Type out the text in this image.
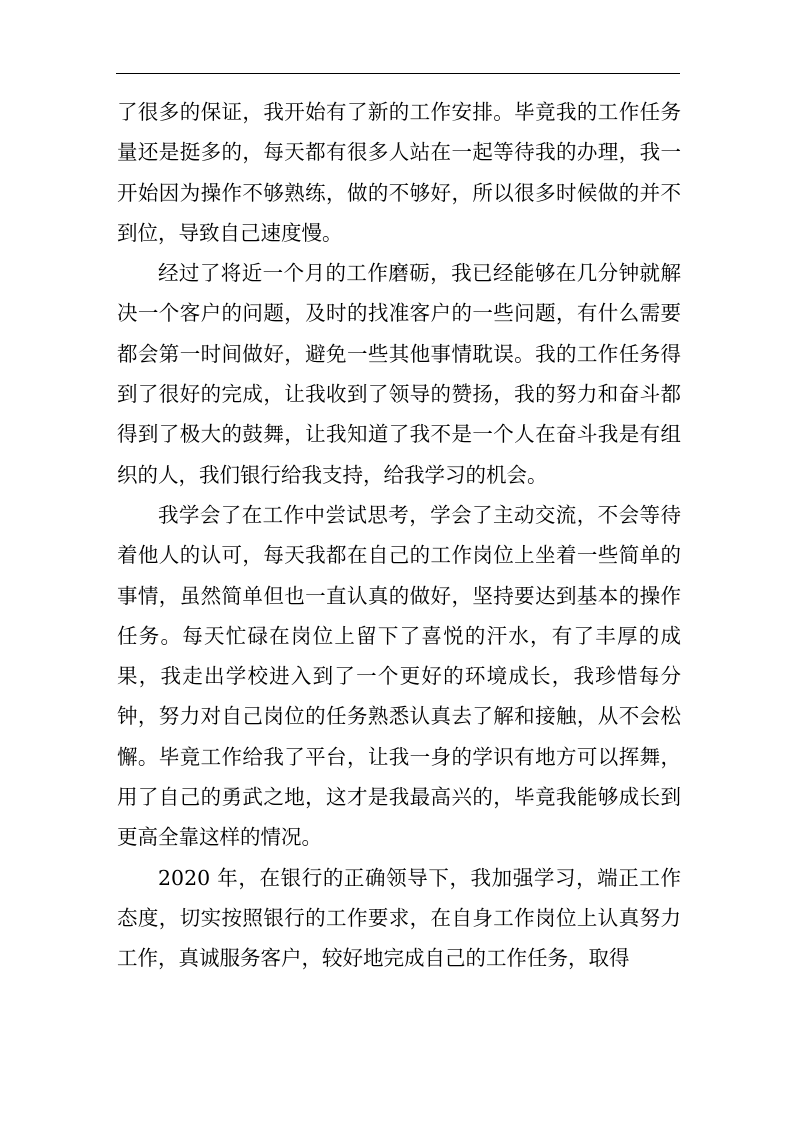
了很多的保证，我开始有了新的工作安排。毕竟我的工作任务量还是挺多的，每天都有很多人站在一起等待我的办理，我一开始因为操作不够熟练，做的不够好，所以很多时候做的并不到位，导致自己速度慢。

经过了将近一个月的工作磨砺，我已经能够在几分钟就解决一个客户的问题，及时的找准客户的一些问题，有什么需要都会第一时间做好，避免一些其他事情耽误。我的工作任务得到了很好的完成，让我收到了领导的赞扬，我的努力和奋斗都得到了极大的鼓舞，让我知道了我不是一个人在奋斗我是有组织的人，我们银行给我支持，给我学习的机会。

我学会了在工作中尝试思考，学会了主动交流，不会等待着他人的认可，每天我都在自己的工作岗位上坐着一些简单的事情，虽然简单但也一直认真的做好，坚持要达到基本的操作任务。每天忙碌在岗位上留下了喜悦的汗水，有了丰厚的成果，我走出学校进入到了一个更好的环境成长，我珍惜每分钟，努力对自己岗位的任务熟悉认真去了解和接触，从不会松懈。毕竟工作给我了平台，让我一身的学识有地方可以挥舞，用了自己的勇武之地，这才是我最高兴的，毕竟我能够成长到更高全靠这样的情况。

2020 年，在银行的正确领导下，我加强学习，端正工作态度，切实按照银行的工作要求，在自身工作岗位上认真努力工作，真诚服务客户，较好地完成自己的工作任务，取得
